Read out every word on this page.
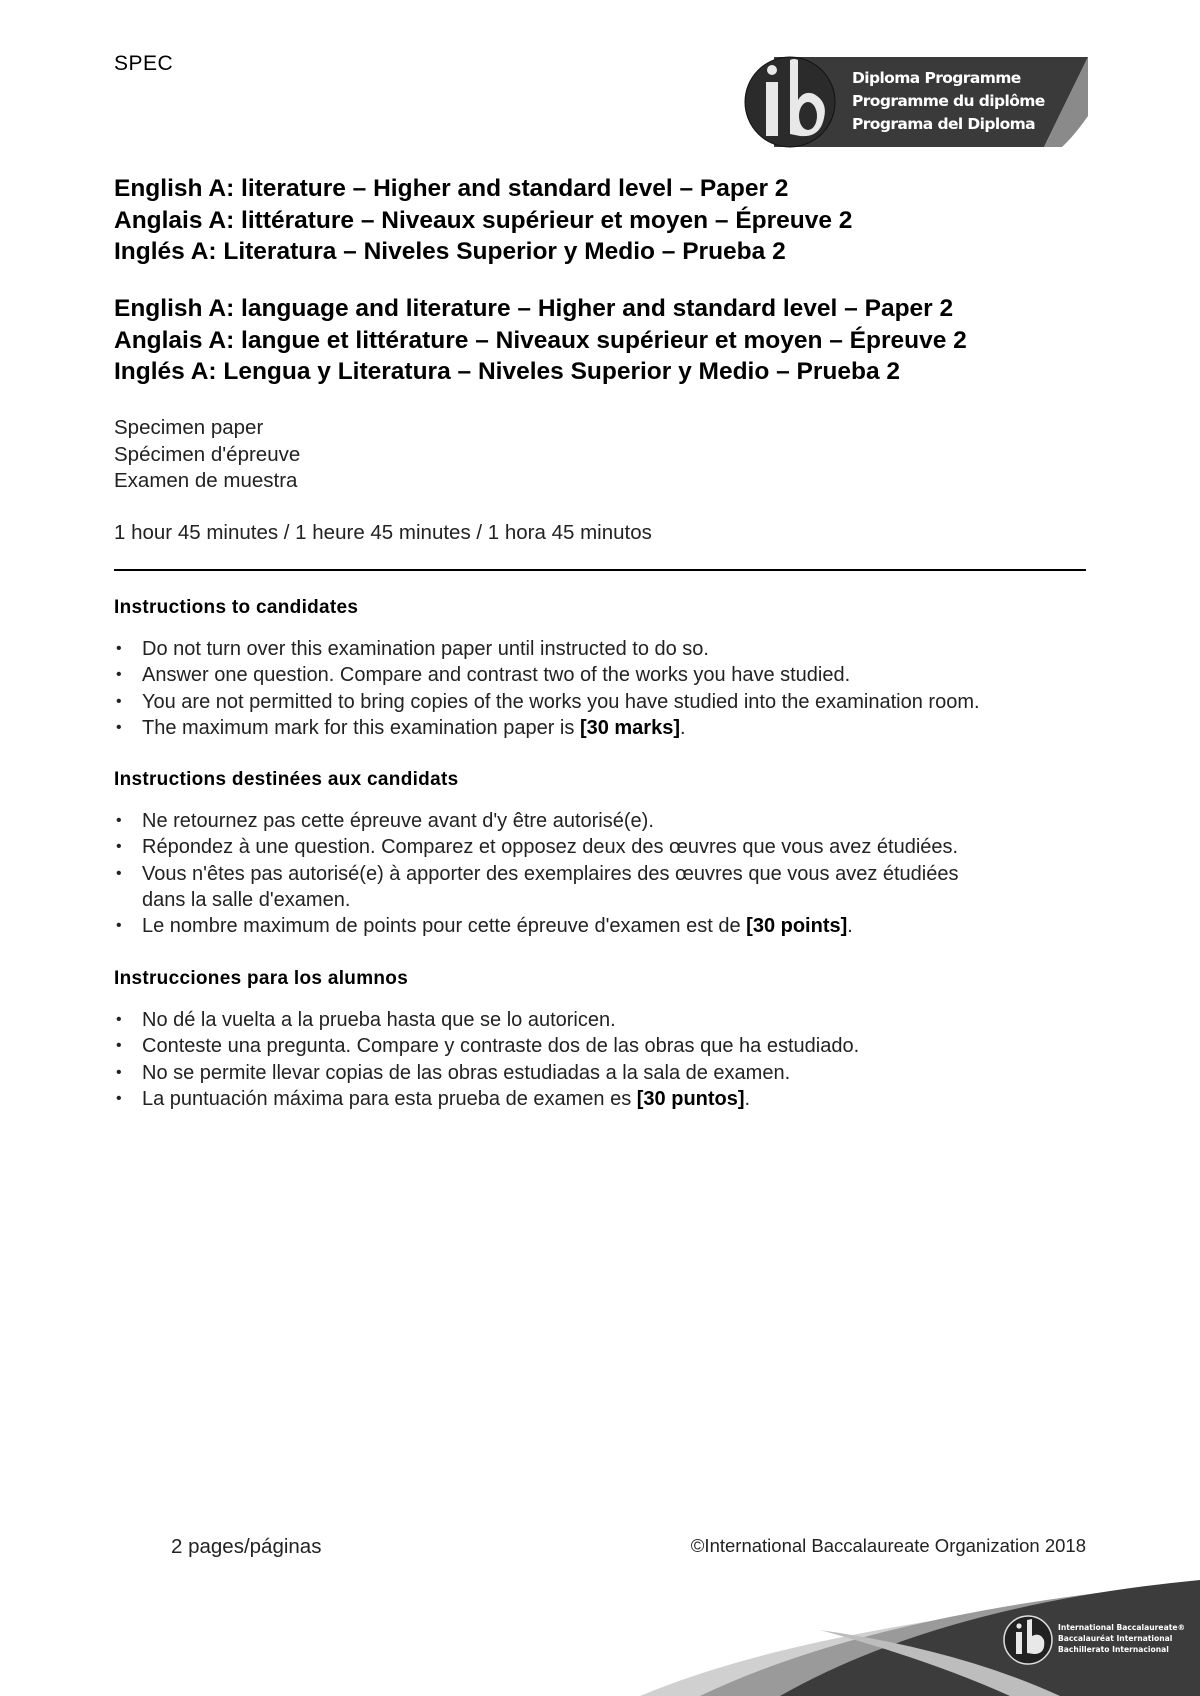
SPEC
Diploma Programme
Programme du diplôme
Programa del Diploma
English A: literature – Higher and standard level – Paper 2
Anglais A: littérature – Niveaux supérieur et moyen – Épreuve 2
Inglés A: Literatura – Niveles Superior y Medio – Prueba 2
English A: language and literature – Higher and standard level – Paper 2
Anglais A: langue et littérature – Niveaux supérieur et moyen – Épreuve 2
Inglés A: Lengua y Literatura – Niveles Superior y Medio – Prueba 2
Specimen paper
Spécimen d'épreuve
Examen de muestra
1 hour 45 minutes / 1 heure 45 minutes / 1 hora 45 minutos
Instructions to candidates
• Do not turn over this examination paper until instructed to do so.
• Answer one question. Compare and contrast two of the works you have studied.
• You are not permitted to bring copies of the works you have studied into the examination room.
• The maximum mark for this examination paper is [30 marks].
Instructions destinées aux candidats
• Ne retournez pas cette épreuve avant d'y être autorisé(e).
• Répondez à une question. Comparez et opposez deux des œuvres que vous avez étudiées.
• Vous n'êtes pas autorisé(e) à apporter des exemplaires des œuvres que vous avez étudiées dans la salle d'examen.
• Le nombre maximum de points pour cette épreuve d'examen est de [30 points].
Instrucciones para los alumnos
• No dé la vuelta a la prueba hasta que se lo autoricen.
• Conteste una pregunta. Compare y contraste dos de las obras que ha estudiado.
• No se permite llevar copias de las obras estudiadas a la sala de examen.
• La puntuación máxima para esta prueba de examen es [30 puntos].
2 pages/páginas	©International Baccalaureate Organization 2018
International Baccalaureate®
Baccalauréat International
Bachillerato Internacional
